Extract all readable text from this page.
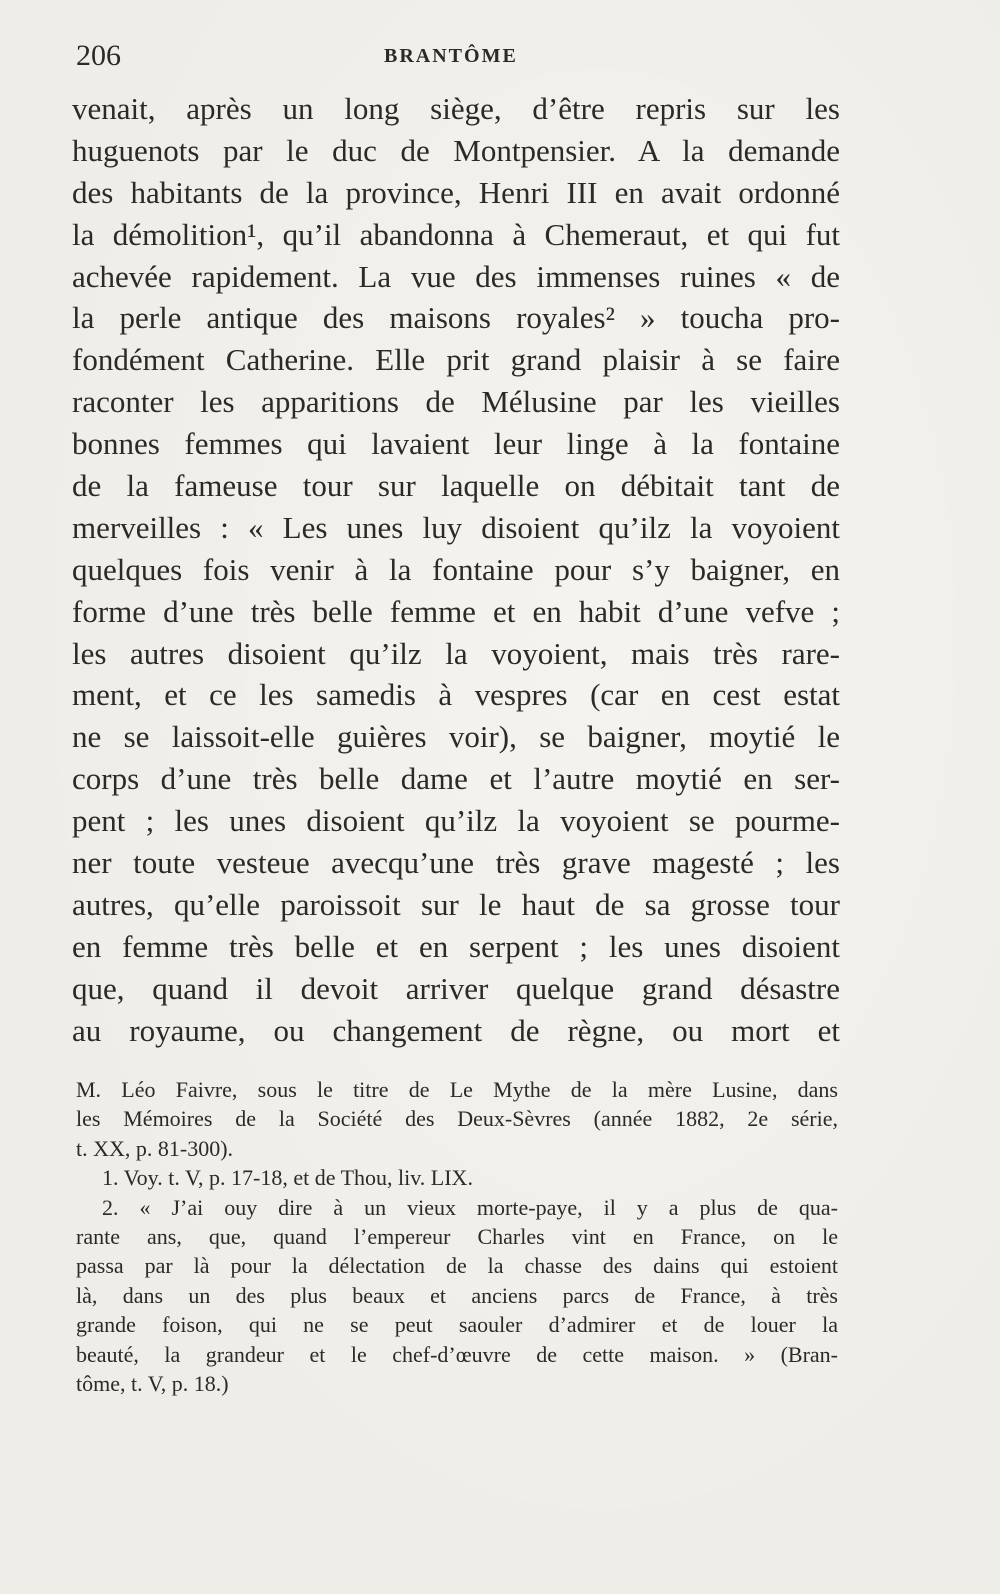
206	BRANTÔME
venait, après un long siège, d’être repris sur les
huguenots par le duc de Montpensier. A la demande
des habitants de la province, Henri III en avait ordonné
la démolition¹, qu’il abandonna à Chemeraut, et qui fut
achevée rapidement. La vue des immenses ruines « de
la perle antique des maisons royales² » toucha pro-
fondément Catherine. Elle prit grand plaisir à se faire
raconter les apparitions de Mélusine par les vieilles
bonnes femmes qui lavaient leur linge à la fontaine
de la fameuse tour sur laquelle on débitait tant de
merveilles : « Les unes luy disoient qu’ilz la voyoient
quelques fois venir à la fontaine pour s’y baigner, en
forme d’une très belle femme et en habit d’une vefve ;
les autres disoient qu’ilz la voyoient, mais très rare-
ment, et ce les samedis à vespres (car en cest estat
ne se laissoit-elle guières voir), se baigner, moytié le
corps d’une très belle dame et l’autre moytié en ser-
pent ; les unes disoient qu’ilz la voyoient se pourme-
ner toute vesteue avecqu’une très grave magesté ; les
autres, qu’elle paroissoit sur le haut de sa grosse tour
en femme très belle et en serpent ; les unes disoient
que, quand il devoit arriver quelque grand désastre
au royaume, ou changement de règne, ou mort et
M. Léo Faivre, sous le titre de Le Mythe de la mère Lusine, dans
les Mémoires de la Société des Deux-Sèvres (année 1882, 2e série,
t. XX, p. 81-300).
1. Voy. t. V, p. 17-18, et de Thou, liv. LIX.
2. « J’ai ouy dire à un vieux morte-paye, il y a plus de qua-
rante ans, que, quand l’empereur Charles vint en France, on le
passa par là pour la délectation de la chasse des dains qui estoient
là, dans un des plus beaux et anciens parcs de France, à très
grande foison, qui ne se peut saouler d’admirer et de louer la
beauté, la grandeur et le chef-d’œuvre de cette maison. » (Bran-
tôme, t. V, p. 18.)
